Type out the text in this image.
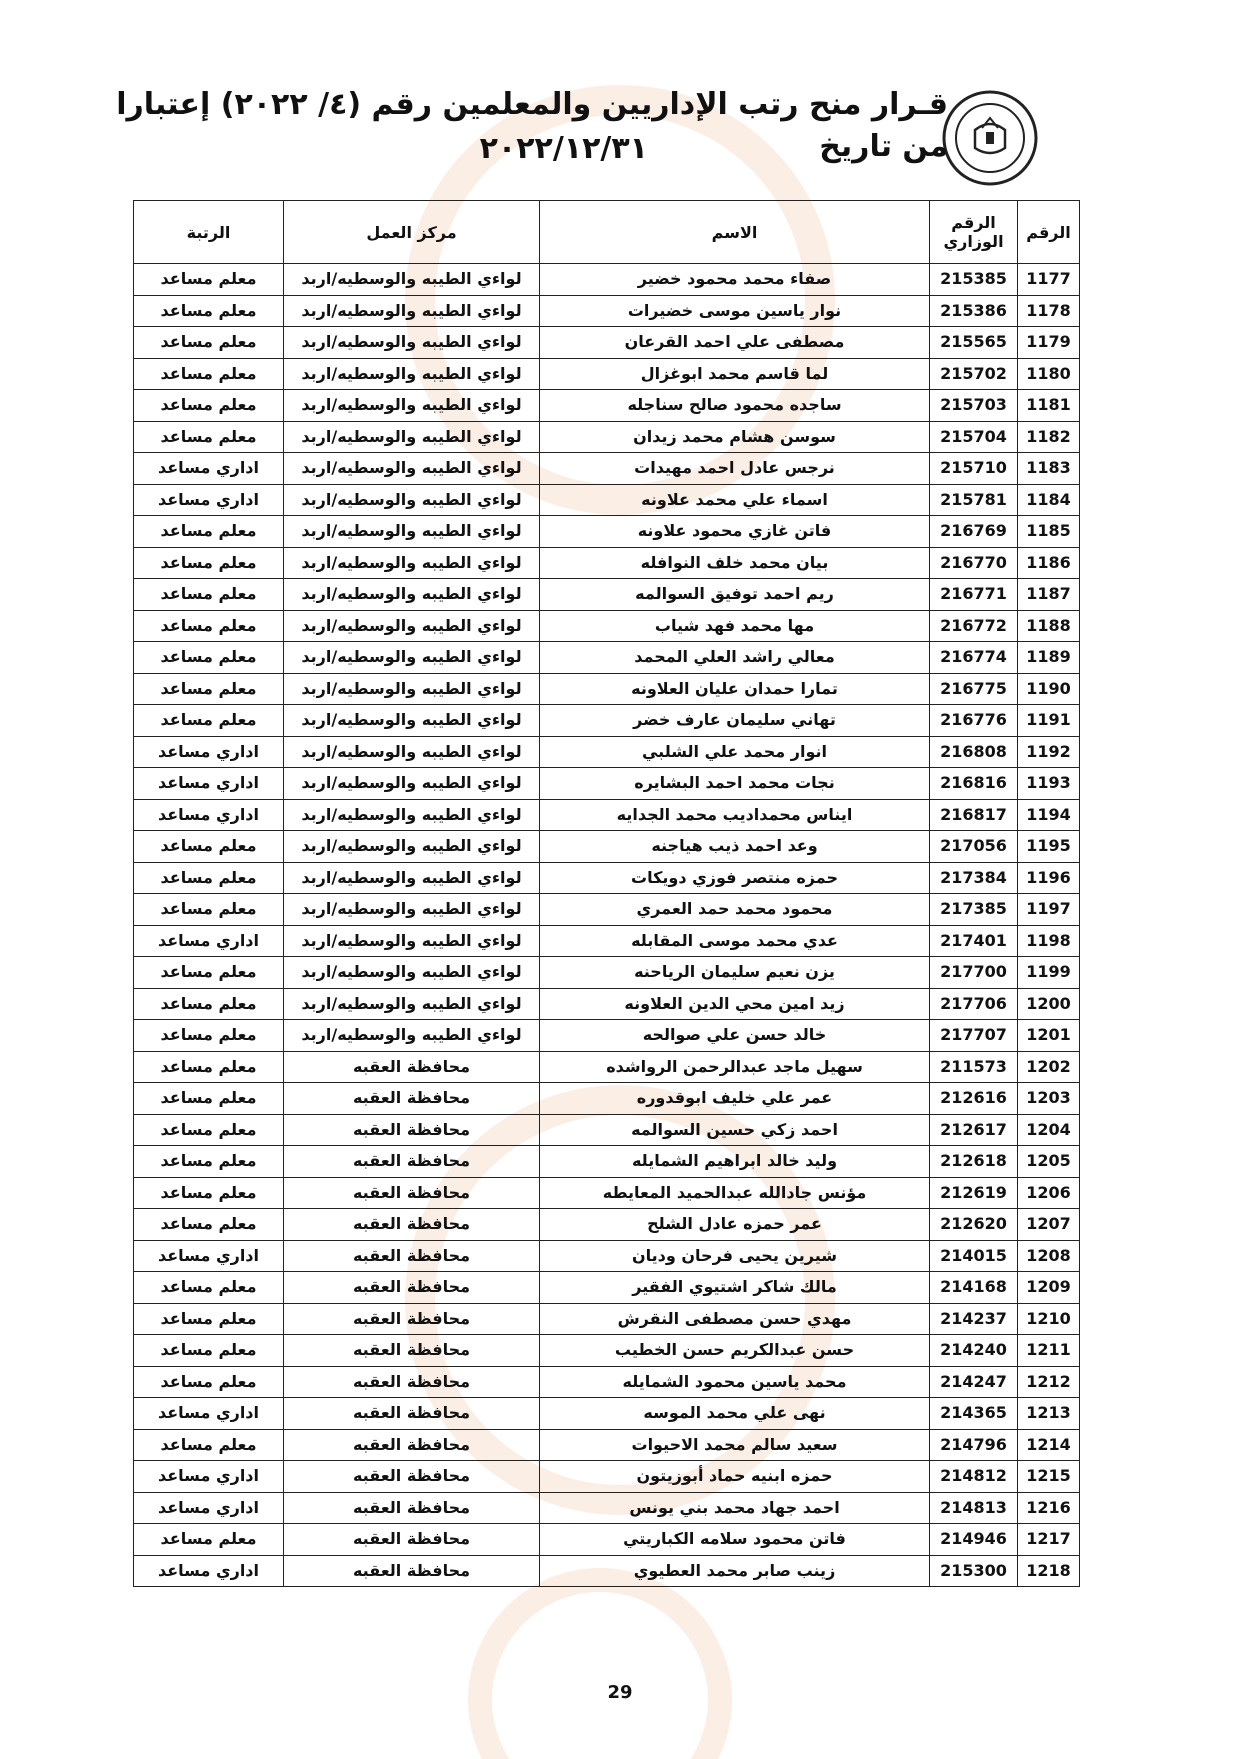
قـرار منح رتب الإداريين والمعلمين رقم (٤/ ٢٠٢٢) إعتبارا من تاريخ
٢٠٢٢/١٢/٣١
الرقم	الرقم الوزاري	الاسم	مركز العمل	الرتبة
1177	215385	صفاء محمد محمود خضير	لواءي الطيبه والوسطيه/اربد	معلم مساعد
1178	215386	نوار ياسين موسى خضيرات	لواءي الطيبه والوسطيه/اربد	معلم مساعد
1179	215565	مصطفى علي احمد القرعان	لواءي الطيبه والوسطيه/اربد	معلم مساعد
1180	215702	لما قاسم محمد ابوغزال	لواءي الطيبه والوسطيه/اربد	معلم مساعد
1181	215703	ساجده محمود صالح سناجله	لواءي الطيبه والوسطيه/اربد	معلم مساعد
1182	215704	سوسن هشام محمد زيدان	لواءي الطيبه والوسطيه/اربد	معلم مساعد
1183	215710	نرجس عادل احمد مهيدات	لواءي الطيبه والوسطيه/اربد	اداري مساعد
1184	215781	اسماء علي محمد علاونه	لواءي الطيبه والوسطيه/اربد	اداري مساعد
1185	216769	فاتن غازي محمود علاونه	لواءي الطيبه والوسطيه/اربد	معلم مساعد
1186	216770	بيان محمد خلف النوافله	لواءي الطيبه والوسطيه/اربد	معلم مساعد
1187	216771	ريم احمد توفيق السوالمه	لواءي الطيبه والوسطيه/اربد	معلم مساعد
1188	216772	مها محمد فهد شياب	لواءي الطيبه والوسطيه/اربد	معلم مساعد
1189	216774	معالي راشد العلي المحمد	لواءي الطيبه والوسطيه/اربد	معلم مساعد
1190	216775	تمارا حمدان عليان العلاونه	لواءي الطيبه والوسطيه/اربد	معلم مساعد
1191	216776	تهاني سليمان عارف خضر	لواءي الطيبه والوسطيه/اربد	معلم مساعد
1192	216808	انوار محمد علي الشلبي	لواءي الطيبه والوسطيه/اربد	اداري مساعد
1193	216816	نجات محمد احمد البشايره	لواءي الطيبه والوسطيه/اربد	اداري مساعد
1194	216817	ايناس محمداديب محمد الجدايه	لواءي الطيبه والوسطيه/اربد	اداري مساعد
1195	217056	وعد احمد ذيب هياجنه	لواءي الطيبه والوسطيه/اربد	معلم مساعد
1196	217384	حمزه منتصر فوزي دويكات	لواءي الطيبه والوسطيه/اربد	معلم مساعد
1197	217385	محمود محمد حمد العمري	لواءي الطيبه والوسطيه/اربد	معلم مساعد
1198	217401	عدي محمد موسى المقابله	لواءي الطيبه والوسطيه/اربد	اداري مساعد
1199	217700	يزن نعيم سليمان الرياحنه	لواءي الطيبه والوسطيه/اربد	معلم مساعد
1200	217706	زيد امين محي الدين العلاونه	لواءي الطيبه والوسطيه/اربد	معلم مساعد
1201	217707	خالد حسن علي صوالحه	لواءي الطيبه والوسطيه/اربد	معلم مساعد
1202	211573	سهيل ماجد عبدالرحمن الرواشده	محافظة العقبه	معلم مساعد
1203	212616	عمر علي خليف ابوقدوره	محافظة العقبه	معلم مساعد
1204	212617	احمد زكي حسين السوالمه	محافظة العقبه	معلم مساعد
1205	212618	وليد خالد ابراهيم الشمايله	محافظة العقبه	معلم مساعد
1206	212619	مؤنس جادالله عبدالحميد المعايطه	محافظة العقبه	معلم مساعد
1207	212620	عمر حمزه عادل الشلح	محافظة العقبه	معلم مساعد
1208	214015	شيرين يحيى فرحان وديان	محافظة العقبه	اداري مساعد
1209	214168	مالك شاكر اشتيوي الفقير	محافظة العقبه	معلم مساعد
1210	214237	مهدي حسن مصطفى النقرش	محافظة العقبه	معلم مساعد
1211	214240	حسن عبدالكريم حسن الخطيب	محافظة العقبه	معلم مساعد
1212	214247	محمد ياسين محمود الشمايله	محافظة العقبه	معلم مساعد
1213	214365	نهى علي محمد الموسه	محافظة العقبه	اداري مساعد
1214	214796	سعيد سالم محمد الاحيوات	محافظة العقبه	معلم مساعد
1215	214812	حمزه ابنيه حماد أبوزيتون	محافظة العقبه	اداري مساعد
1216	214813	احمد جهاد محمد بني يونس	محافظة العقبه	اداري مساعد
1217	214946	فاتن محمود سلامه الكباريتي	محافظة العقبه	معلم مساعد
1218	215300	زينب صابر محمد العطيوي	محافظة العقبه	اداري مساعد
29
